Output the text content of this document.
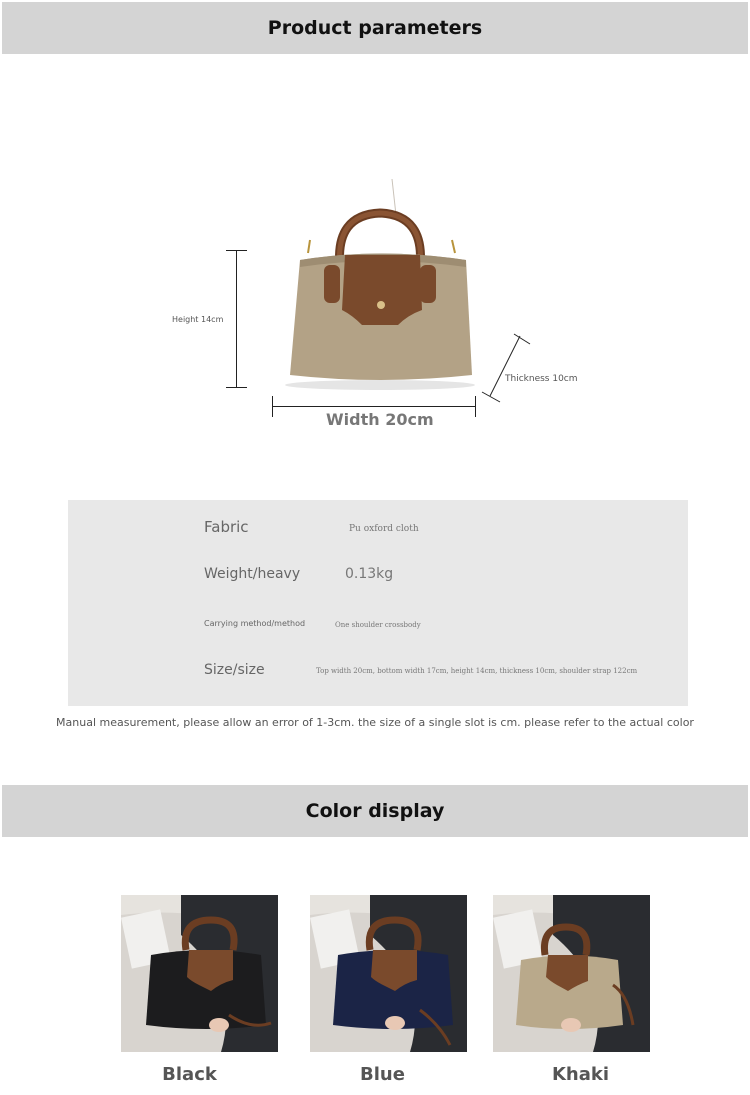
Product parameters
Height 14cm
Thickness 10cm
Width 20cm
Fabric	Pu oxford cloth
Weight/heavy	0.13kg
Carrying method/method	One shoulder crossbody
Size/size	Top width 20cm, bottom width 17cm, height 14cm, thickness 10cm, shoulder strap 122cm
Manual measurement, please allow an error of 1-3cm. the size of a single slot is cm. please refer to the actual color
Color display
Black	Blue	Khaki
